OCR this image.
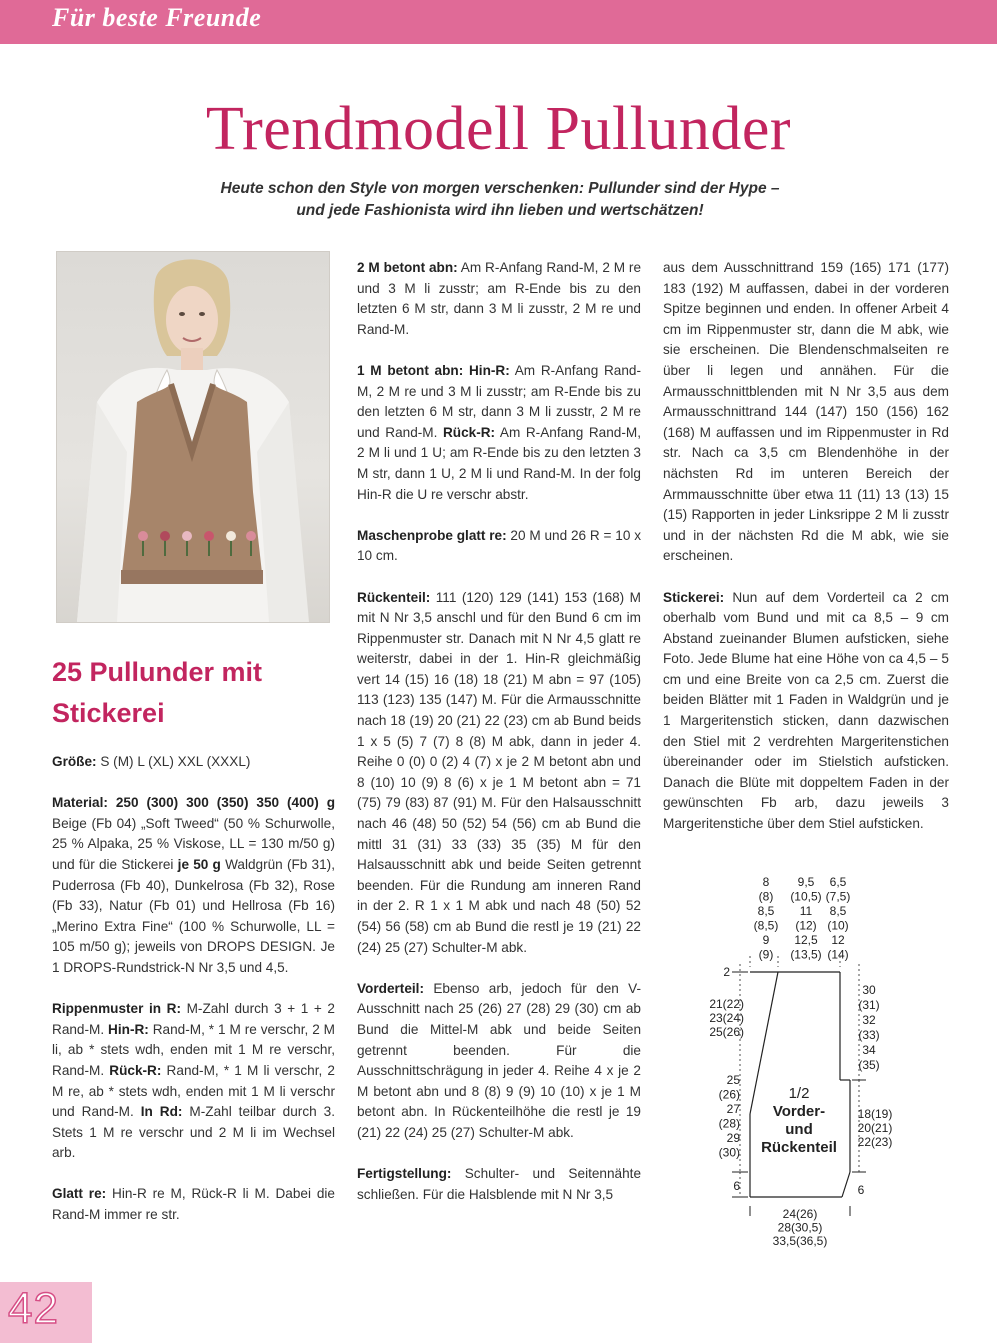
Für beste Freunde
Trendmodell Pullunder
Heute schon den Style von morgen verschenken: Pullunder sind der Hype –
und jede Fashionista wird ihn lieben und wertschätzen!
25 Pullunder mit Stickerei

Größe: S (M) L (XL) XXL (XXXL)

Material: 250 (300) 300 (350) 350 (400) g Beige (Fb 04) „Soft Tweed“ (50 % Schurwolle, 25 % Alpaka, 25 % Viskose, LL = 130 m/50 g) und für die Stickerei je 50 g Waldgrün (Fb 31), Puderrosa (Fb 40), Dunkelrosa (Fb 32), Rose (Fb 33), Natur (Fb 01) und Hellrosa (Fb 16) „Merino Extra Fine“ (100 % Schurwolle, LL = 105 m/50 g); jeweils von DROPS DESIGN. Je 1 DROPS-Rundstrick-N Nr 3,5 und 4,5.

Rippenmuster in R: M-Zahl durch 3 + 1 + 2 Rand-M. Hin-R: Rand-M, * 1 M re verschr, 2 M li, ab * stets wdh, enden mit 1 M re verschr, Rand-M. Rück-R: Rand-M, * 1 M li verschr, 2 M re, ab * stets wdh, enden mit 1 M li verschr und Rand-M. In Rd: M-Zahl teilbar durch 3. Stets 1 M re verschr und 2 M li im Wechsel arb.

Glatt re: Hin-R re M, Rück-R li M. Dabei die Rand-M immer re str.

2 M betont abn: Am R-Anfang Rand-M, 2 M re und 3 M li zusstr; am R-Ende bis zu den letzten 6 M str, dann 3 M li zusstr, 2 M re und Rand-M.

1 M betont abn: Hin-R: Am R-Anfang Rand-M, 2 M re und 3 M li zusstr; am R-Ende bis zu den letzten 6 M str, dann 3 M li zusstr, 2 M re und Rand-M. Rück-R: Am R-Anfang Rand-M, 2 M li und 1 U; am R-Ende bis zu den letzten 3 M str, dann 1 U, 2 M li und Rand-M. In der folg Hin-R die U re verschr abstr.

Maschenprobe glatt re: 20 M und 26 R = 10 x 10 cm.

Rückenteil: 111 (120) 129 (141) 153 (168) M mit N Nr 3,5 anschl und für den Bund 6 cm im Rippenmuster str. Danach mit N Nr 4,5 glatt re weiterstr, dabei in der 1. Hin-R gleichmäßig vert 14 (15) 16 (18) 18 (21) M abn = 97 (105) 113 (123) 135 (147) M. Für die Armausschnitte nach 18 (19) 20 (21) 22 (23) cm ab Bund beids 1 x 5 (5) 7 (7) 8 (8) M abk, dann in jeder 4. Reihe 0 (0) 0 (2) 4 (7) x je 2 M betont abn und 8 (10) 10 (9) 8 (6) x je 1 M betont abn = 71 (75) 79 (83) 87 (91) M. Für den Halsausschnitt nach 46 (48) 50 (52) 54 (56) cm ab Bund die mittl 31 (31) 33 (33) 35 (35) M für den Halsausschnitt abk und beide Seiten getrennt beenden. Für die Rundung am inneren Rand in der 2. R 1 x 1 M abk und nach 48 (50) 52 (54) 56 (58) cm ab Bund die restl je 19 (21) 22 (24) 25 (27) Schulter-M abk.

Vorderteil: Ebenso arb, jedoch für den V-Ausschnitt nach 25 (26) 27 (28) 29 (30) cm ab Bund die Mittel-M abk und beide Seiten getrennt beenden. Für die Ausschnittschrägung in jeder 4. Reihe 4 x je 2 M betont abn und 8 (8) 9 (9) 10 (10) x je 1 M betont abn. In Rückenteilhöhe die restl je 19 (21) 22 (24) 25 (27) Schulter-M abk.

Fertigstellung: Schulter- und Seitennähte schließen. Für die Halsblende mit N Nr 3,5

aus dem Ausschnittrand 159 (165) 171 (177) 183 (192) M auffassen, dabei in der vorderen Spitze beginnen und enden. In offener Arbeit 4 cm im Rippenmuster str, dann die M abk, wie sie erscheinen. Die Blendenschmalseiten re über li legen und annähen. Für die Armausschnittblenden mit N Nr 3,5 aus dem Armausschnittrand 144 (147) 150 (156) 162 (168) M auffassen und im Rippenmuster in Rd str. Nach ca 3,5 cm Blendenhöhe in der nächsten Rd im unteren Bereich der Armmausschnitte über etwa 11 (11) 13 (13) 15 (15) Rapporten in jeder Linksrippe 2 M li zusstr und in der nächsten Rd die M abk, wie sie erscheinen.

Stickerei: Nun auf dem Vorderteil ca 2 cm oberhalb vom Bund und mit ca 8,5 – 9 cm Abstand zueinander Blumen aufsticken, siehe Foto. Jede Blume hat eine Höhe von ca 4,5 – 5 cm und eine Breite von ca 2,5 cm. Zuerst die beiden Blätter mit 1 Faden in Waldgrün und je 1 Margeritenstich sticken, dann dazwischen den Stiel mit 2 verdrehten Margeritenstichen übereinander oder im Stielstich aufsticken. Danach die Blüte mit doppeltem Faden in der gewünschten Fb arb, dazu jeweils 3 Margeritenstiche über dem Stiel aufsticken.

8
(8)
8,5
(8,5)
9
(9)
9,5
(10,5)
11
(12)
12,5
(13,5)
6,5
(7,5)
8,5
(10)
12
(14)
2
21(22)
23(24)
25(26)
25
(26)
27
(28)
29
(30)
6
30
(31)
32
(33)
34
(35)
18(19)
20(21)
22(23)
6
1/2
Vorder-
und
Rückenteil
24(26)
28(30,5)
33,5(36,5)
42
